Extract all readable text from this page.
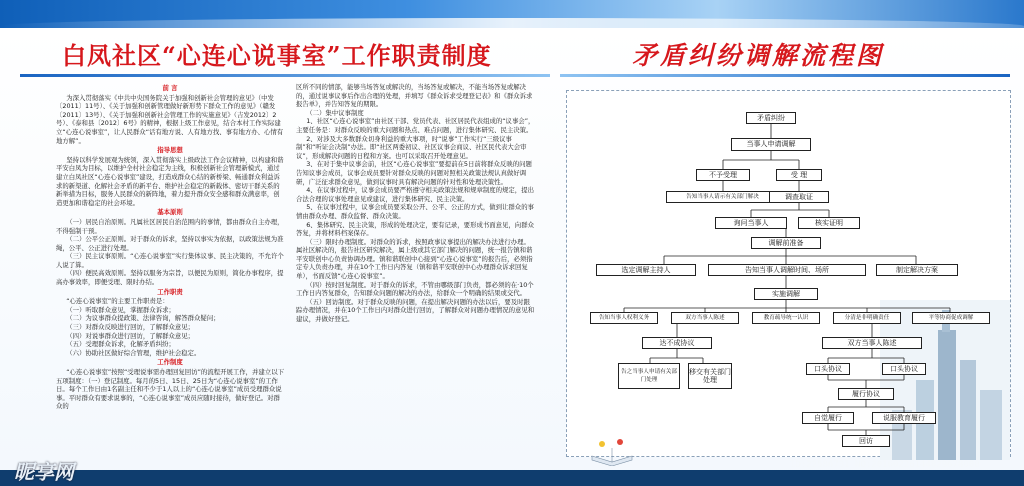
白凤社区“心连心说事室”工作职责制度	矛盾纠纷调解流程图

前 言

为深入贯彻落实《中共中央国务院关于加强和创新社会管理的意见》（中发〔2011〕11号）、《关于加强和创新管理做好新形势下群众工作的意见》（赣发〔2011〕13号）、《关于加强和创新社会管理工作的实施意见》（吉发2012〕2号）、《泰和县〔2012〕6号》的精神，根据上级工作意见，结合本村工作实际建立“心连心说事室”，让人民群众“话有地方说、人有地方找、事有地方办、心情有地方解”。

指导思想

坚持以科学发展观为统领，深入贯彻落实上级政法工作会议精神，以构建和谐平安白凤为目标，以维护全村社会稳定为主线，积极创新社会管理新模式，通过建立白凤社区“心连心说事室”建设，打造成群众心结的新桥梁、畅通群众利益诉求的新渠道、化解社会矛盾的新平台、维护社会稳定的新载体、密切干群关系的新举措为目标，服务人民群众的新阵地，着力提升群众安全感和群众满意率，创造更加和谐稳定的社会环境。

基本原则

（一）居民自治原则。凡属社区居民自治范围内的事情，都由群众自主办理，不得强制干预。

（二）公平公正原则。对于群众的诉求，坚持以事实为依据，以政策法规为准绳，公平、公正进行处理。

（三）民主议事原则。“心连心说事室”实行集体议事、民主决策的，不允许个人说了算。

（四）便民高效原则。坚持以服务为宗旨，以便民为原则，简化办事程序，提高办事效率，即便受理、限时办结。

工作职责

“心连心说事室”的主要工作职责是：

（一）听取群众意见，掌握群众诉求；

（二）为议事群众提政策、法律咨询，解答群众疑问；

（三）对群众反映进行回访，了解群众意见；

（四）对说事群众进行回访，了解群众意见；

（五）受理群众诉求，化解矛盾纠纷；

（六）协助社区做好综合管理，维护社会稳定。

工作制度

“心连心说事室”按照“受理说事需办理回复回访”的流程开展工作，并建立以下五项制度：（一）登记制度。每月的5日、15日、25日为“心连心说事室”的工作日。每个工作日由1名副主任和不少于1人以上的“心连心说事室”成员受理群众说事。平时群众有要求说事的，“心连心说事室”成员应随时接待，做好登记。对群众的

区所不同的情部，能够当场答复或解决的，当场答复或解决，不能当场答复或解决的，通过说事议事后作出合理的处理，并填写《群众诉求受理登记表》和《群众诉求报告单》，并告知答复的期限。

（二）集中议事制度

1、社区“心连心说事室”由社区干部、党员代表、社区居民代表组成的“议事会”，主要任务是：对群众反映的重大问题和热点、难点问题，进行集体研究、民主决策。

2、对涉及大多数群众切身利益的重大事项，时“说事”工作实行“三级议事制”和“听证会决制”办法。即“社区两委初议、社区议事会商议、社区民代表大会审议”，形成解决问题的日程和方案。也可以采取召开处理意见。

3、在对于集中议事会前，社区“心连心说事室”要提前在5日前将群众反映的问题告知议事会成员，议事会成员要针对群众反映的问题对照相关政策法规认真做好调研，广泛征求群众意见，做到议事时具有解决问题的针对性和处理决策性。

4、在议事过程中，议事会成员要严格遵守相关政策法规和规章制度的规定，提出合法合理的议事处理意见或建议，进行集体研究、民主决策。

5、在议事过程中，议事会成员要采取公开、公平、公正的方式，做到让群众的事情由群众办理、群众监督、群众决策。

6、集体研究、民主决策，形成的处理决定，要有记录，要形成书面意见，向群众答复，并将材料档案保存。

（三）限时办理制度。对群众的诉求，按照政事议事提出的解决办法进行办理。属社区解决的，报告社区研究解决，属上级或其它部门解决的问题，统一报告镇和谐平安联创中心负责协调办理。镇和谐联创中心接到“心连心说事室”的报告后，必须指定专人负责办理，并在10个工作日内答复（镇和谐平安联创中心办理群众诉求回复单），书面反馈“心连心说事室”。

（四）按时回复制度。对于群众的诉求，不管由哪级部门负责，都必须的在·10个工作日内答复群众，告知群众问题的解决的办法，给群众一个明确的结果或交代。

（五）回访制度。对于群众反映的问题，在提出解决问题的办法以后，要及时跟踪办理情况，并在10个工作日内对群众进行回访，了解群众对问题办理情况的意见和建议，并做好登记。

矛盾纠纷
当事人申请调解
不予受理	受 理
告知当事人请示有关部门解决	调查取证
询问当事人	核实证明
调解前准备
选定调解主持人	告知当事人调解时间、场所	制定解决方案
实施调解
告知当事人权利义务	双方当事人陈述	教育疏导统一认识	分清是非明确责任	平等协商促成调解
达不成协议	双方当事人陈述
告之当事人申请有关部门处理
移交有关部门处理
口头协议	口头协议
履行协议
自觉履行	说服教育履行
回访
昵享网	ID:22586731 NO:20160226144829678000
